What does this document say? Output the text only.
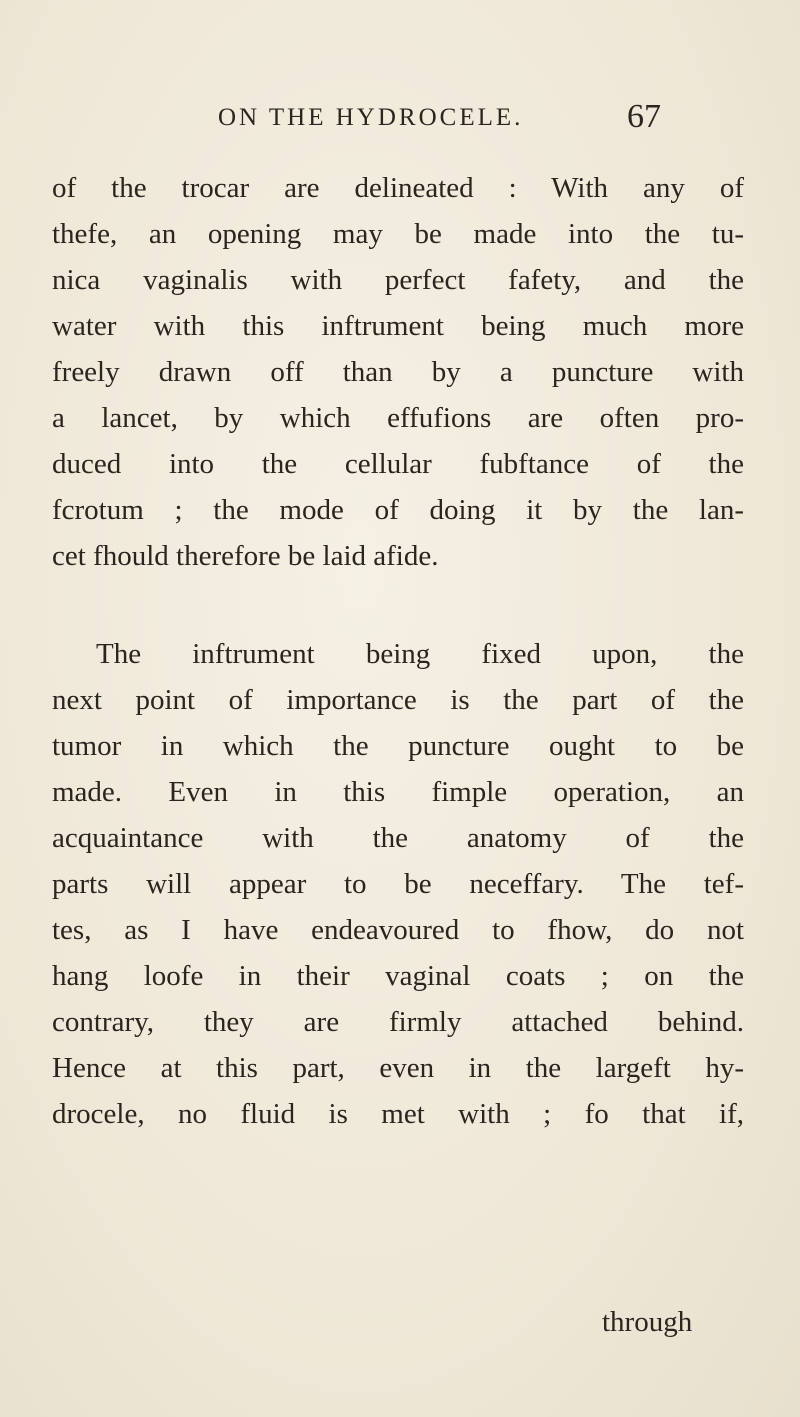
ON THE HYDROCELE.	67
of the trocar are delineated : With any of
thefe, an opening may be made into the tu-
nica vaginalis with perfect fafety, and the
water with this inftrument being much more
freely drawn off than by a puncture with
a lancet, by which effufions are often pro-
duced into the cellular fubftance of the
fcrotum ; the mode of doing it by the lan-
cet fhould therefore be laid afide.
The inftrument being fixed upon, the
next point of importance is the part of the
tumor in which the puncture ought to be
made. Even in this fimple operation, an
acquaintance with the anatomy of the
parts will appear to be neceffary. The tef-
tes, as I have endeavoured to fhow, do not
hang loofe in their vaginal coats ; on the
contrary, they are firmly attached behind.
Hence at this part, even in the largeft hy-
drocele, no fluid is met with ; fo that if,
through
